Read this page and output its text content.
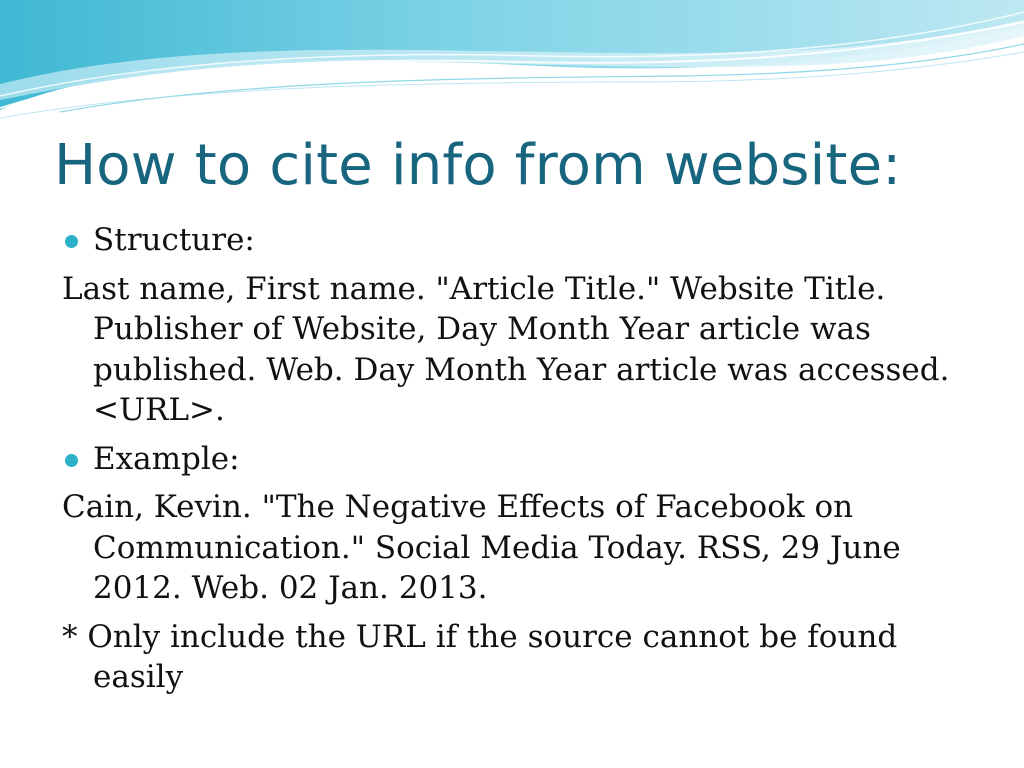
How to cite info from website:
Structure:

Last name, First name. "Article Title." Website Title. Publisher of Website, Day Month Year article was published. Web. Day Month Year article was accessed. <URL>.

Example:

Cain, Kevin. "The Negative Effects of Facebook on Communication." Social Media Today. RSS, 29 June 2012. Web. 02 Jan. 2013.

* Only include the URL if the source cannot be found easily
